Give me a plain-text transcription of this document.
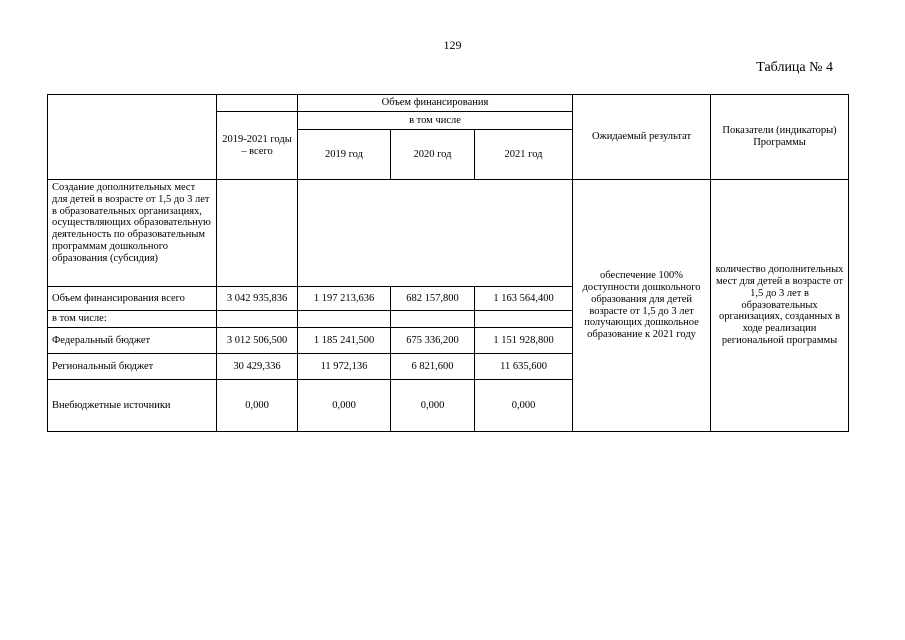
129
Таблица № 4
		Объем финансирования			Ожидаемый результат	Показатели (индикаторы) Программы
	2019-2021 годы – всего	в том числе				
		2019 год	2020 год	2021 год		
Создание дополнительных мест для детей в возрасте от 1,5 до 3 лет в образовательных организациях, осуществляющих образовательную деятельность по образовательным программам дошкольного образования (субсидия)					обеспечение 100% доступности дошкольного образования для детей возрасте от 1,5 до 3 лет получающих дошкольное образование к 2021 году	количество дополнительных мест для детей в возрасте от 1,5 до 3 лет в образовательных организациях, созданных в ходе реализации региональной программы
Объем финансирования всего	3 042 935,836	1 197 213,636	682 157,800	1 163 564,400		
в том числе:						
Федеральный бюджет	3 012 506,500	1 185 241,500	675 336,200	1 151 928,800		
Региональный бюджет	30 429,336	11 972,136	6 821,600	11 635,600		
Внебюджетные источники	0,000	0,000	0,000	0,000		
